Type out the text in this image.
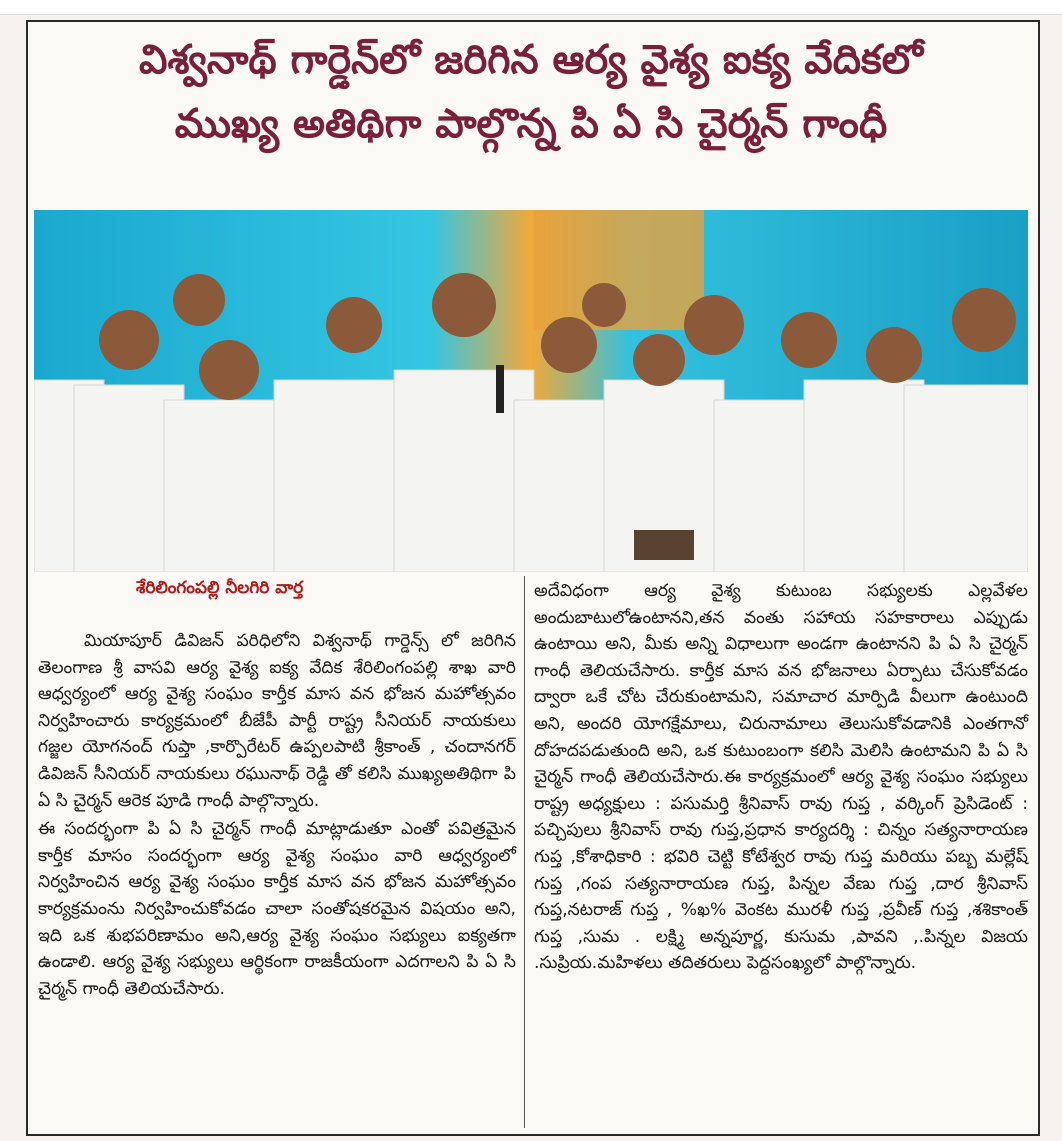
విశ్వనాథ్ గార్డెన్‌లో జరిగిన ఆర్య వైశ్య ఐక్య వేదికలో
ముఖ్య అతిథిగా పాల్గొన్న పి ఏ సి చైర్మన్ గాంధీ
శేరిలింగంపల్లి నీలగిరి వార్త

మియాపూర్ డివిజన్ పరిధిలోని విశ్వనాథ్ గార్డెన్స్ లో జరిగిన తెలంగాణ శ్రీ వాసవి ఆర్య వైశ్య ఐక్య వేదిక శేరిలింగంపల్లి శాఖ వారి ఆధ్వర్యంలో ఆర్య వైశ్య సంఘం కార్తీక మాస వన భోజన మహోత్సవం నిర్వహించారు కార్యక్రమంలో బీజేపీ పార్టీ రాష్ట్ర సీనియర్ నాయకులు గజ్జల యోగనంద్ గుప్తా ,కార్పొరేటర్ ఉప్పలపాటి శ్రీకాంత్ , చందానగర్ డివిజన్ సీనియర్ నాయకులు రఘునాథ్ రెడ్డి తో కలిసి ముఖ్యఅతిథిగా పి ఏ సి చైర్మన్ ఆరెక పూడి గాంధీ పాల్గొన్నారు.

ఈ సందర్భంగా పి ఏ సి చైర్మన్ గాంధీ మాట్లాడుతూ ఎంతో పవిత్రమైన కార్తీక మాసం సందర్భంగా ఆర్య వైశ్య సంఘం వారి ఆధ్వర్యంలో నిర్వహించిన ఆర్య వైశ్య సంఘం కార్తీక మాస వన భోజన మహోత్సవం కార్యక్రమంను నిర్వహించుకోవడం చాలా సంతోషకరమైన విషయం అని, ఇది ఒక శుభపరిణామం అని,ఆర్య వైశ్య సంఘం సభ్యులు ఐక్యతగా ఉండాలి. ఆర్య వైశ్య సభ్యులు ఆర్థికంగా రాజకీయంగా ఎదగాలని పి ఏ సి చైర్మన్ గాంధీ తెలియచేసారు.

అదేవిధంగా ఆర్య వైశ్య కుటుంబ సభ్యులకు ఎల్లవేళల అందుబాటులోఉంటానని,తన వంతు సహాయ సహకారాలు ఎప్పుడు ఉంటాయి అని, మీకు అన్ని విధాలుగా అండగా ఉంటానని పి ఏ సి చైర్మన్ గాంధీ తెలియచేసారు. కార్తీక మాస వన భోజనాలు ఏర్పాటు చేసుకోవడం ద్వారా ఒకే చోట చేరుకుంటామని, సమాచార మార్పిడి వీలుగా ఉంటుంది అని, అందరి యోగక్షేమాలు, చిరునామాలు తెలుసుకోవడానికి ఎంతగానో దోహదపడుతుంది అని, ఒక కుటుంబంగా కలిసి మెలిసి ఉంటామని పి ఏ సి చైర్మన్ గాంధీ తెలియచేసారు.ఈ కార్యక్రమంలో ఆర్య వైశ్య సంఘం సభ్యులు రాష్ట్ర అధ్యక్షులు : పసుమర్తి శ్రీనివాస్ రావు గుప్త , వర్కింగ్ ప్రెసిడెంట్ : పచ్చిపులు శ్రీనివాస్ రావు గుప్త,ప్రధాన కార్యదర్శి : చిన్నం సత్యనారాయణ గుప్త ,కోశాధికారి : భవిరి చెట్టి కోటేశ్వర రావు గుప్త మరియు పబ్బ మల్లేష్ గుప్త ,గంప సత్యనారాయణ గుప్త, పిన్నల వేణు గుప్త ,దార శ్రీనివాస్ గుప్త,నటరాజ్ గుప్త , %ఖ% వెంకట మురళీ గుప్త ,ప్రవీణ్ గుప్త ,శశికాంత్ గుప్త ,సుమ . లక్ష్మి అన్నపూర్ణ, కుసుమ ,పావని ,.పిన్నల విజయ .సుప్రియ.మహిళలు తదితరులు పెద్దసంఖ్యలో పాల్గొన్నారు.
